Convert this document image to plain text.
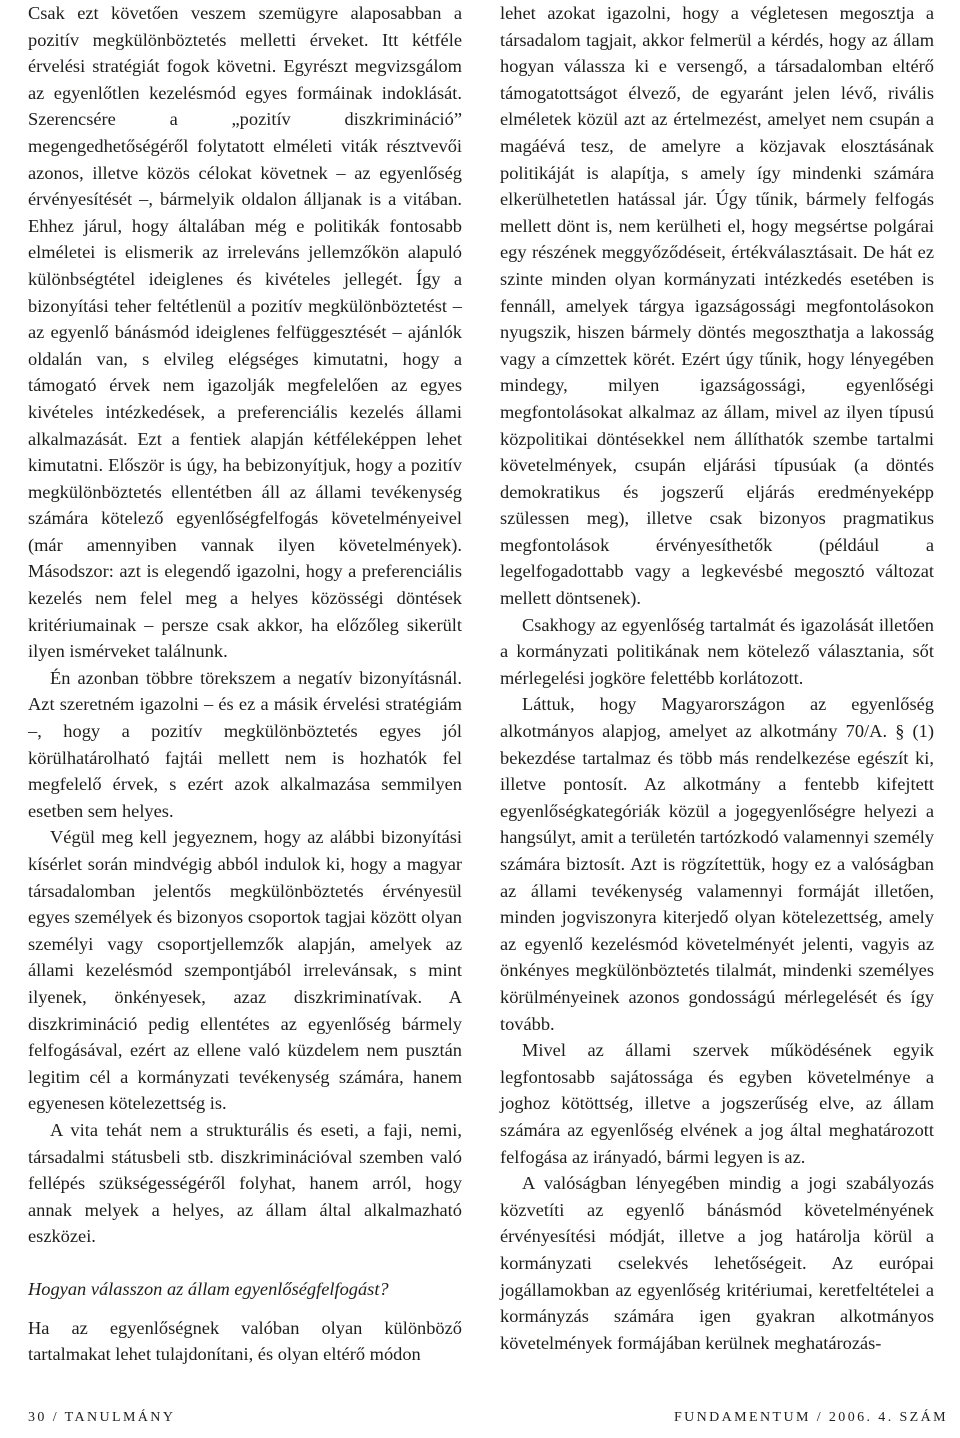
Csak ezt követően veszem szemügyre alaposabban a pozitív megkülönböztetés melletti érveket. Itt kétféle érvelési stratégiát fogok követni. Egyrészt megvizsgálom az egyenlőtlen kezelésmód egyes formáinak indoklását. Szerencsére a „pozitív diszkrimináció” megengedhetőségéről folytatott elméleti viták résztvevői azonos, illetve közös célokat követnek – az egyenlőség érvényesítését –, bármelyik oldalon álljanak is a vitában. Ehhez járul, hogy általában még e politikák fontosabb elméletei is elismerik az irreleváns jellemzőkön alapuló különbségtétel ideiglenes és kivételes jellegét. Így a bizonyítási teher feltétlenül a pozitív megkülönböztetést – az egyenlő bánásmód ideiglenes felfüggesztését – ajánlók oldalán van, s elvileg elégséges kimutatni, hogy a támogató érvek nem igazolják megfelelően az egyes kivételes intézkedések, a preferenciális kezelés állami alkalmazását. Ezt a fentiek alapján kétféleképpen lehet kimutatni. Először is úgy, ha bebizonyítjuk, hogy a pozitív megkülönböztetés ellentétben áll az állami tevékenység számára kötelező egyenlőségfelfogás követelményeivel (már amennyiben vannak ilyen követelmények). Másodszor: azt is elegendő igazolni, hogy a preferenciális kezelés nem felel meg a helyes közösségi döntések kritériumainak – persze csak akkor, ha előzőleg sikerült ilyen ismérveket találnunk.

Én azonban többre törekszem a negatív bizonyításnál. Azt szeretném igazolni – és ez a másik érvelési stratégiám –, hogy a pozitív megkülönböztetés egyes jól körülhatárolható fajtái mellett nem is hozhatók fel megfelelő érvek, s ezért azok alkalmazása semmilyen esetben sem helyes.

Végül meg kell jegyeznem, hogy az alábbi bizonyítási kísérlet során mindvégig abból indulok ki, hogy a magyar társadalomban jelentős megkülönböztetés érvényesül egyes személyek és bizonyos csoportok tagjai között olyan személyi vagy csoportjellemzők alapján, amelyek az állami kezelésmód szempontjából irrelevánsak, s mint ilyenek, önkényesek, azaz diszkriminatívak. A diszkrimináció pedig ellentétes az egyenlőség bármely felfogásával, ezért az ellene való küzdelem nem pusztán legitim cél a kormányzati tevékenység számára, hanem egyenesen kötelezettség is.

A vita tehát nem a strukturális és eseti, a faji, nemi, társadalmi státusbeli stb. diszkriminációval szemben való fellépés szükségességéről folyhat, hanem arról, hogy annak melyek a helyes, az állam által alkalmazható eszközei.

Hogyan válasszon az állam egyenlőségfelfogást?

Ha az egyenlőségnek valóban olyan különböző tartalmakat lehet tulajdonítani, és olyan eltérő módon

lehet azokat igazolni, hogy a végletesen megosztja a társadalom tagjait, akkor felmerül a kérdés, hogy az állam hogyan válassza ki e versengő, a társadalomban eltérő támogatottságot élvező, de egyaránt jelen lévő, rivális elméletek közül azt az értelmezést, amelyet nem csupán a magáévá tesz, de amelyre a közjavak elosztásának politikáját is alapítja, s amely így mindenki számára elkerülhetetlen hatással jár. Úgy tűnik, bármely felfogás mellett dönt is, nem kerülheti el, hogy megsértse polgárai egy részének meggyőződéseit, értékválasztásait. De hát ez szinte minden olyan kormányzati intézkedés esetében is fennáll, amelyek tárgya igazságossági megfontolásokon nyugszik, hiszen bármely döntés megoszthatja a lakosság vagy a címzettek körét. Ezért úgy tűnik, hogy lényegében mindegy, milyen igazságossági, egyenlőségi megfontolásokat alkalmaz az állam, mivel az ilyen típusú közpolitikai döntésekkel nem állíthatók szembe tartalmi követelmények, csupán eljárási típusúak (a döntés demokratikus és jogszerű eljárás eredményeképp szülessen meg), illetve csak bizonyos pragmatikus megfontolások érvényesíthetők (például a legelfogadottabb vagy a legkevésbé megosztó változat mellett döntsenek).

Csakhogy az egyenlőség tartalmát és igazolását illetően a kormányzati politikának nem kötelező választania, sőt mérlegelési jogköre felettébb korlátozott.

Láttuk, hogy Magyarországon az egyenlőség alkotmányos alapjog, amelyet az alkotmány 70/A. § (1) bekezdése tartalmaz és több más rendelkezése egészít ki, illetve pontosít. Az alkotmány a fentebb kifejtett egyenlőségkategóriák közül a jogegyenlőségre helyezi a hangsúlyt, amit a területén tartózkodó valamennyi személy számára biztosít. Azt is rögzítettük, hogy ez a valóságban az állami tevékenység valamennyi formáját illetően, minden jogviszonyra kiterjedő olyan kötelezettség, amely az egyenlő kezelésmód követelményét jelenti, vagyis az önkényes megkülönböztetés tilalmát, mindenki személyes körülményeinek azonos gondosságú mérlegelését és így tovább.

Mivel az állami szervek működésének egyik legfontosabb sajátossága és egyben követelménye a joghoz kötöttség, illetve a jogszerűség elve, az állam számára az egyenlőség elvének a jog által meghatározott felfogása az irányadó, bármi legyen is az.

A valóságban lényegében mindig a jogi szabályozás közvetíti az egyenlő bánásmód követelményének érvényesítési módját, illetve a jog határolja körül a kormányzati cselekvés lehetőségeit. Az európai jogállamokban az egyenlőség kritériumai, keretfeltételei a kormányzás számára igen gyakran alkotmányos követelmények formájában kerülnek meghatározás-

30 / TANULMÁNY	FUNDAMENTUM / 2006. 4. SZÁM
